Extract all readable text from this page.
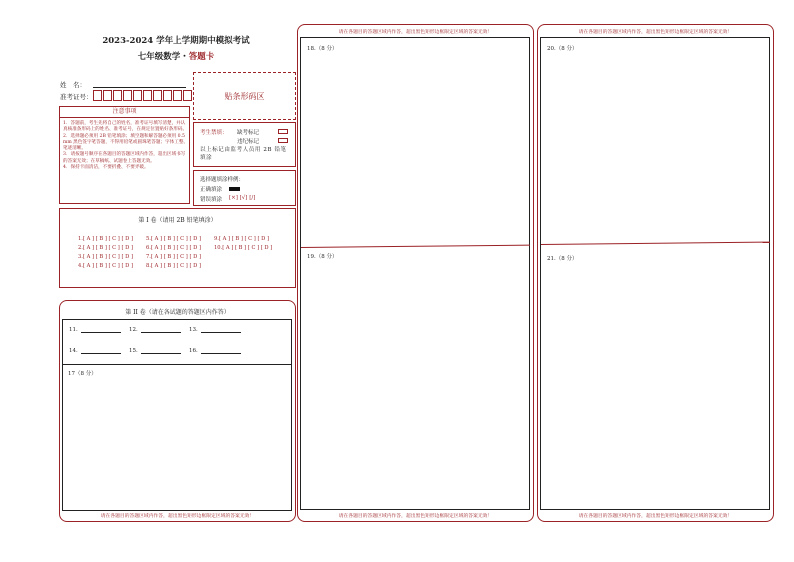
2023-2024 学年上学期期中模拟考试
七年级数学・答题卡
姓　名：
准考证号：	贴条形码区
注意事项
1．答题前，考生先将自己的姓名，准考证号填写清楚，并认真核准条形码上的姓名、准考证号，在规定位置贴好条形码。
2．选择题必须用 2B 铅笔填涂；填空题和解答题必须用 0.5 mm 黑色签字笔答题，不得用铅笔或圆珠笔答题；字体工整、笔迹清晰。
3．请按题号顺序在各题目的答题区域内作答，超出区域书写的答案无效；在草稿纸、试题卷上答题无效。
4．保持卡面清洁，不要折叠、不要弄破。
考生禁填： 缺考标记
违纪标记
以上标记由监考人员用 2B 铅笔填涂
选择题填涂样例：
正确填涂
错误填涂 [×] [√] [/]
第 I 卷（请用 2B 铅笔填涂）
1.[ A ] [ B ] [ C ] [ D ]	5.[ A ] [ B ] [ C ] [ D ]	9.[ A ] [ B ] [ C ] [ D ]
2.[ A ] [ B ] [ C ] [ D ]	6.[ A ] [ B ] [ C ] [ D ]	10.[ A ] [ B ] [ C ] [ D ]
3.[ A ] [ B ] [ C ] [ D ]	7.[ A ] [ B ] [ C ] [ D ]
4.[ A ] [ B ] [ C ] [ D ]	8.[ A ] [ B ] [ C ] [ D ]
第 II 卷（请在各试题的答题区内作答）
11.	12.	13.
14.	15.	16.
17（8 分）
请在各题目的答题区域内作答，超出黑色矩形边框限定区域的答案无效！
请在各题目的答题区域内作答，超出黑色矩形边框限定区域的答案无效！
18.（8 分）
19.（8 分）
请在各题目的答题区域内作答，超出黑色矩形边框限定区域的答案无效！
请在各题目的答题区域内作答，超出黑色矩形边框限定区域的答案无效！
20.（8 分）
21.（8 分）
请在各题目的答题区域内作答，超出黑色矩形边框限定区域的答案无效！
